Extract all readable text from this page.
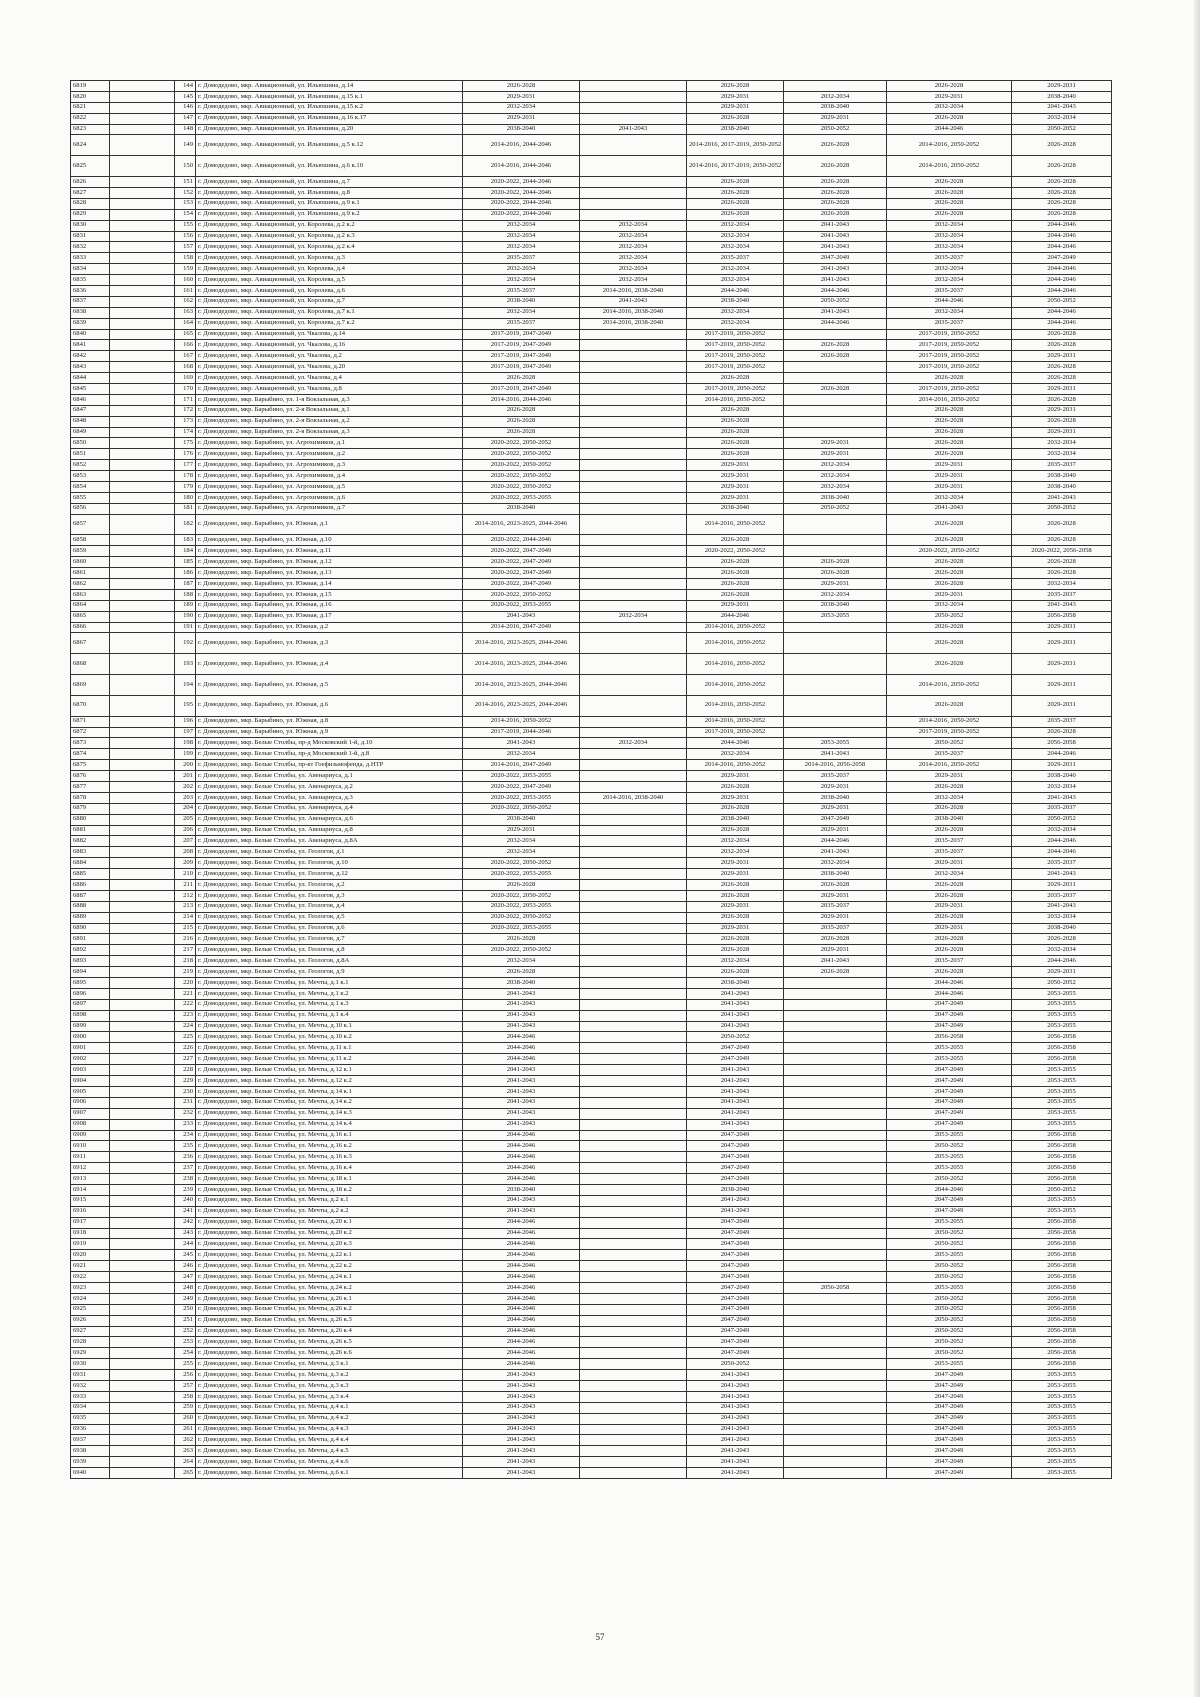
6819		144	г. Домодедово, мкр. Авиационный, ул. Ильюшина, д.14	2026-2028		2026-2028		2026-2028	2029-2031
6820		145	г. Домодедово, мкр. Авиационный, ул. Ильюшина, д.15 к.1	2029-2031		2029-2031	2032-2034	2029-2031	2038-2040
6821		146	г. Домодедово, мкр. Авиационный, ул. Ильюшина, д.15 к.2	2032-2034		2029-2031	2038-2040	2032-2034	2041-2043
6822		147	г. Домодедово, мкр. Авиационный, ул. Ильюшина, д.16 к.17	2029-2031		2026-2028	2029-2031	2026-2028	2032-2034
6823		148	г. Домодедово, мкр. Авиационный, ул. Ильюшина, д.20	2038-2040	2041-2043	2038-2040	2050-2052	2044-2046	2050-2052
6824		149	г. Домодедово, мкр. Авиационный, ул. Ильюшина, д.5 к.12	2014-2016, 2044-2046		2014-2016, 2017-2019, 2050-2052	2026-2028	2014-2016, 2050-2052	2026-2028
6825		150	г. Домодедово, мкр. Авиационный, ул. Ильюшина, д.6 к.10	2014-2016, 2044-2046		2014-2016, 2017-2019, 2050-2052	2026-2028	2014-2016, 2050-2052	2026-2028
6826		151	г. Домодедово, мкр. Авиационный, ул. Ильюшина, д.7	2020-2022, 2044-2046		2026-2028	2026-2028	2026-2028	2026-2028
6827		152	г. Домодедово, мкр. Авиационный, ул. Ильюшина, д.8	2020-2022, 2044-2046		2026-2028	2026-2028	2026-2028	2026-2028
6828		153	г. Домодедово, мкр. Авиационный, ул. Ильюшина, д.9 к.1	2020-2022, 2044-2046		2026-2028	2026-2028	2026-2028	2026-2028
6829		154	г. Домодедово, мкр. Авиационный, ул. Ильюшина, д.9 к.2	2020-2022, 2044-2046		2026-2028	2026-2028	2026-2028	2026-2028
6830		155	г. Домодедово, мкр. Авиационный, ул. Королева, д.2 к.2	2032-2034	2032-2034	2032-2034	2041-2043	2032-2034	2044-2046
6831		156	г. Домодедово, мкр. Авиационный, ул. Королева, д.2 к.3	2032-2034	2032-2034	2032-2034	2041-2043	2032-2034	2044-2046
6832		157	г. Домодедово, мкр. Авиационный, ул. Королева, д.2 к.4	2032-2034	2032-2034	2032-2034	2041-2043	2032-2034	2044-2046
6833		158	г. Домодедово, мкр. Авиационный, ул. Королева, д.3	2035-2037	2032-2034	2035-2037	2047-2049	2035-2037	2047-2049
6834		159	г. Домодедово, мкр. Авиационный, ул. Королева, д.4	2032-2034	2032-2034	2032-2034	2041-2043	2032-2034	2044-2046
6835		160	г. Домодедово, мкр. Авиационный, ул. Королева, д.5	2032-2034	2032-2034	2032-2034	2041-2043	2032-2034	2044-2046
6836		161	г. Домодедово, мкр. Авиационный, ул. Королева, д.6	2035-2037	2014-2016, 2038-2040	2044-2046	2044-2046	2035-2037	2044-2046
6837		162	г. Домодедово, мкр. Авиационный, ул. Королева, д.7	2038-2040	2041-2043	2038-2040	2050-2052	2044-2046	2050-2052
6838		163	г. Домодедово, мкр. Авиационный, ул. Королева, д.7 к.1	2032-2034	2014-2016, 2038-2040	2032-2034	2041-2043	2032-2034	2044-2046
6839		164	г. Домодедово, мкр. Авиационный, ул. Королева, д.7 к.2	2035-2037	2014-2016, 2038-2040	2032-2034	2044-2046	2035-2037	2044-2046
6840		165	г. Домодедово, мкр. Авиационный, ул. Чкалова, д.14	2017-2019, 2047-2049		2017-2019, 2050-2052		2017-2019, 2050-2052	2026-2028
6841		166	г. Домодедово, мкр. Авиационный, ул. Чкалова, д.16	2017-2019, 2047-2049		2017-2019, 2050-2052	2026-2028	2017-2019, 2050-2052	2026-2028
6842		167	г. Домодедово, мкр. Авиационный, ул. Чкалова, д.2	2017-2019, 2047-2049		2017-2019, 2050-2052	2026-2028	2017-2019, 2050-2052	2029-2031
6843		168	г. Домодедово, мкр. Авиационный, ул. Чкалова, д.20	2017-2019, 2047-2049		2017-2019, 2050-2052		2017-2019, 2050-2052	2026-2028
6844		169	г. Домодедово, мкр. Авиационный, ул. Чкалова, д.4	2026-2028		2026-2028		2026-2028	2026-2028
6845		170	г. Домодедово, мкр. Авиационный, ул. Чкалова, д.8	2017-2019, 2047-2049		2017-2019, 2050-2052	2026-2028	2017-2019, 2050-2052	2029-2031
6846		171	г. Домодедово, мкр. Барыбино, ул. 1-я Вокзальная, д.3	2014-2016, 2044-2046		2014-2016, 2050-2052		2014-2016, 2050-2052	2026-2028
6847		172	г. Домодедово, мкр. Барыбино, ул. 2-я Вокзальная, д.1	2026-2028		2026-2028		2026-2028	2029-2031
6848		173	г. Домодедово, мкр. Барыбино, ул. 2-я Вокзальная, д.2	2026-2028		2026-2028		2026-2028	2026-2028
6849		174	г. Домодедово, мкр. Барыбино, ул. 2-я Вокзальная, д.3	2026-2028		2026-2028		2026-2028	2029-2031
6850		175	г. Домодедово, мкр. Барыбино, ул. Агрохимиков, д.1	2020-2022, 2050-2052		2026-2028	2029-2031	2026-2028	2032-2034
6851		176	г. Домодедово, мкр. Барыбино, ул. Агрохимиков, д.2	2020-2022, 2050-2052		2026-2028	2029-2031	2026-2028	2032-2034
6852		177	г. Домодедово, мкр. Барыбино, ул. Агрохимиков, д.3	2020-2022, 2050-2052		2029-2031	2032-2034	2029-2031	2035-2037
6853		178	г. Домодедово, мкр. Барыбино, ул. Агрохимиков, д.4	2020-2022, 2050-2052		2029-2031	2032-2034	2029-2031	2038-2040
6854		179	г. Домодедово, мкр. Барыбино, ул. Агрохимиков, д.5	2020-2022, 2050-2052		2029-2031	2032-2034	2029-2031	2038-2040
6855		180	г. Домодедово, мкр. Барыбино, ул. Агрохимиков, д.6	2020-2022, 2053-2055		2029-2031	2038-2040	2032-2034	2041-2043
6856		181	г. Домодедово, мкр. Барыбино, ул. Агрохимиков, д.7	2038-2040		2038-2040	2050-2052	2041-2043	2050-2052
6857		182	г. Домодедово, мкр. Барыбино, ул. Южная, д.1	2014-2016, 2023-2025, 2044-2046		2014-2016, 2050-2052		2026-2028	2026-2028
6858		183	г. Домодедово, мкр. Барыбино, ул. Южная, д.10	2020-2022, 2044-2046		2026-2028		2026-2028	2026-2028
6859		184	г. Домодедово, мкр. Барыбино, ул. Южная, д.11	2020-2022, 2047-2049		2020-2022, 2050-2052		2020-2022, 2050-2052	2020-2022, 2056-2058
6860		185	г. Домодедово, мкр. Барыбино, ул. Южная, д.12	2020-2022, 2047-2049		2026-2028	2026-2028	2026-2028	2026-2028
6861		186	г. Домодедово, мкр. Барыбино, ул. Южная, д.13	2020-2022, 2047-2049		2026-2028	2026-2028	2026-2028	2026-2028
6862		187	г. Домодедово, мкр. Барыбино, ул. Южная, д.14	2020-2022, 2047-2049		2026-2028	2029-2031	2026-2028	2032-2034
6863		188	г. Домодедово, мкр. Барыбино, ул. Южная, д.15	2020-2022, 2050-2052		2026-2028	2032-2034	2029-2031	2035-2037
6864		189	г. Домодедово, мкр. Барыбино, ул. Южная, д.16	2020-2022, 2053-2055		2029-2031	2038-2040	2032-2034	2041-2043
6865		190	г. Домодедово, мкр. Барыбино, ул. Южная, д.17	2041-2043	2032-2034	2044-2046	2053-2055	2050-2052	2056-2058
6866		191	г. Домодедово, мкр. Барыбино, ул. Южная, д.2	2014-2016, 2047-2049		2014-2016, 2050-2052		2026-2028	2029-2031
6867		192	г. Домодедово, мкр. Барыбино, ул. Южная, д.3	2014-2016, 2023-2025, 2044-2046		2014-2016, 2050-2052		2026-2028	2029-2031
6868		193	г. Домодедово, мкр. Барыбино, ул. Южная, д.4	2014-2016, 2023-2025, 2044-2046		2014-2016, 2050-2052		2026-2028	2029-2031
6869		194	г. Домодедово, мкр. Барыбино, ул. Южная, д.5	2014-2016, 2023-2025, 2044-2046		2014-2016, 2050-2052		2014-2016, 2050-2052	2029-2031
6870		195	г. Домодедово, мкр. Барыбино, ул. Южная, д.6	2014-2016, 2023-2025, 2044-2046		2014-2016, 2050-2052		2026-2028	2029-2031
6871		196	г. Домодедово, мкр. Барыбино, ул. Южная, д.8	2014-2016, 2050-2052		2014-2016, 2050-2052		2014-2016, 2050-2052	2035-2037
6872		197	г. Домодедово, мкр. Барыбино, ул. Южная, д.9	2017-2019, 2044-2046		2017-2019, 2050-2052		2017-2019, 2050-2052	2026-2028
6873		198	г. Домодедово, мкр. Белые Столбы, пр-д Московский 1-й, д.10	2041-2043	2032-2034	2044-2046	2053-2055	2050-2052	2056-2058
6874		199	г. Домодедово, мкр. Белые Столбы, пр-д Московский 1-й, д.8	2032-2034		2032-2034	2041-2043	2035-2037	2044-2046
6875		200	г. Домодедово, мкр. Белые Столбы, пр-кт Гоефизьмофенда, д.НТР	2014-2016, 2047-2049		2014-2016, 2050-2052	2014-2016, 2056-2058	2014-2016, 2050-2052	2029-2031
6876		201	г. Домодедово, мкр. Белые Столбы, ул. Авенариуса, д.1	2020-2022, 2053-2055		2029-2031	2035-2037	2029-2031	2038-2040
6877		202	г. Домодедово, мкр. Белые Столбы, ул. Авенариуса, д.2	2020-2022, 2047-2049		2026-2028	2029-2031	2026-2028	2032-2034
6878		203	г. Домодедово, мкр. Белые Столбы, ул. Авенариуса, д.3	2020-2022, 2053-2055	2014-2016, 2038-2040	2029-2031	2038-2040	2032-2034	2041-2043
6879		204	г. Домодедово, мкр. Белые Столбы, ул. Авенариуса, д.4	2020-2022, 2050-2052		2026-2028	2029-2031	2026-2028	2035-2037
6880		205	г. Домодедово, мкр. Белые Столбы, ул. Авенариуса, д.6	2038-2040		2038-2040	2047-2049	2038-2040	2050-2052
6881		206	г. Домодедово, мкр. Белые Столбы, ул. Авенариуса, д.8	2029-2031		2026-2028	2029-2031	2026-2028	2032-2034
6882		207	г. Домодедово, мкр. Белые Столбы, ул. Авенариуса, д.8А	2032-2034		2032-2034	2044-2046	2035-2037	2044-2046
6883		208	г. Домодедово, мкр. Белые Столбы, ул. Геологов, д.1	2032-2034		2032-2034	2041-2043	2035-2037	2044-2046
6884		209	г. Домодедово, мкр. Белые Столбы, ул. Геологов, д.10	2020-2022, 2050-2052		2029-2031	2032-2034	2029-2031	2035-2037
6885		210	г. Домодедово, мкр. Белые Столбы, ул. Геологов, д.12	2020-2022, 2053-2055		2029-2031	2038-2040	2032-2034	2041-2043
6886		211	г. Домодедово, мкр. Белые Столбы, ул. Геологов, д.2	2026-2028		2026-2028	2026-2028	2026-2028	2029-2031
6887		212	г. Домодедово, мкр. Белые Столбы, ул. Геологов, д.3	2020-2022, 2050-2052		2026-2028	2029-2031	2026-2028	2035-2037
6888		213	г. Домодедово, мкр. Белые Столбы, ул. Геологов, д.4	2020-2022, 2053-2055		2029-2031	2035-2037	2029-2031	2041-2043
6889		214	г. Домодедово, мкр. Белые Столбы, ул. Геологов, д.5	2020-2022, 2050-2052		2026-2028	2029-2031	2026-2028	2032-2034
6890		215	г. Домодедово, мкр. Белые Столбы, ул. Геологов, д.6	2020-2022, 2053-2055		2029-2031	2035-2037	2029-2031	2038-2040
6891		216	г. Домодедово, мкр. Белые Столбы, ул. Геологов, д.7	2026-2028		2026-2028	2026-2028	2026-2028	2026-2028
6892		217	г. Домодедово, мкр. Белые Столбы, ул. Геологов, д.8	2020-2022, 2050-2052		2026-2028	2029-2031	2026-2028	2032-2034
6893		218	г. Домодедово, мкр. Белые Столбы, ул. Геологов, д.8А	2032-2034		2032-2034	2041-2043	2035-2037	2044-2046
6894		219	г. Домодедово, мкр. Белые Столбы, ул. Геологов, д.9	2026-2028		2026-2028	2026-2028	2026-2028	2029-2031
6895		220	г. Домодедово, мкр. Белые Столбы, ул. Мечты, д.1 к.1	2038-2040		2038-2040		2044-2046	2050-2052
6896		221	г. Домодедово, мкр. Белые Столбы, ул. Мечты, д.1 к.2	2041-2043		2041-2043		2044-2046	2053-2055
6897		222	г. Домодедово, мкр. Белые Столбы, ул. Мечты, д.1 к.3	2041-2043		2041-2043		2047-2049	2053-2055
6898		223	г. Домодедово, мкр. Белые Столбы, ул. Мечты, д.1 к.4	2041-2043		2041-2043		2047-2049	2053-2055
6899		224	г. Домодедово, мкр. Белые Столбы, ул. Мечты, д.10 к.1	2041-2043		2041-2043		2047-2049	2053-2055
6900		225	г. Домодедово, мкр. Белые Столбы, ул. Мечты, д.10 к.2	2044-2046		2050-2052		2056-2058	2056-2058
6901		226	г. Домодедово, мкр. Белые Столбы, ул. Мечты, д.11 к.1	2044-2046		2047-2049		2053-2055	2056-2058
6902		227	г. Домодедово, мкр. Белые Столбы, ул. Мечты, д.11 к.2	2044-2046		2047-2049		2053-2055	2056-2058
6903		228	г. Домодедово, мкр. Белые Столбы, ул. Мечты, д.12 к.1	2041-2043		2041-2043		2047-2049	2053-2055
6904		229	г. Домодедово, мкр. Белые Столбы, ул. Мечты, д.12 к.2	2041-2043		2041-2043		2047-2049	2053-2055
6905		230	г. Домодедово, мкр. Белые Столбы, ул. Мечты, д.14 к.1	2041-2043		2041-2043		2047-2049	2053-2055
6906		231	г. Домодедово, мкр. Белые Столбы, ул. Мечты, д.14 к.2	2041-2043		2041-2043		2047-2049	2053-2055
6907		232	г. Домодедово, мкр. Белые Столбы, ул. Мечты, д.14 к.3	2041-2043		2041-2043		2047-2049	2053-2055
6908		233	г. Домодедово, мкр. Белые Столбы, ул. Мечты, д.14 к.4	2041-2043		2041-2043		2047-2049	2053-2055
6909		234	г. Домодедово, мкр. Белые Столбы, ул. Мечты, д.16 к.1	2044-2046		2047-2049		2053-2055	2056-2058
6910		235	г. Домодедово, мкр. Белые Столбы, ул. Мечты, д.16 к.2	2044-2046		2047-2049		2050-2052	2056-2058
6911		236	г. Домодедово, мкр. Белые Столбы, ул. Мечты, д.16 к.3	2044-2046		2047-2049		2053-2055	2056-2058
6912		237	г. Домодедово, мкр. Белые Столбы, ул. Мечты, д.16 к.4	2044-2046		2047-2049		2053-2055	2056-2058
6913		238	г. Домодедово, мкр. Белые Столбы, ул. Мечты, д.18 к.1	2044-2046		2047-2049		2050-2052	2056-2058
6914		239	г. Домодедово, мкр. Белые Столбы, ул. Мечты, д.18 к.2	2038-2040		2038-2040		2044-2046	2050-2052
6915		240	г. Домодедово, мкр. Белые Столбы, ул. Мечты, д.2 к.1	2041-2043		2041-2043		2047-2049	2053-2055
6916		241	г. Домодедово, мкр. Белые Столбы, ул. Мечты, д.2 к.2	2041-2043		2041-2043		2047-2049	2053-2055
6917		242	г. Домодедово, мкр. Белые Столбы, ул. Мечты, д.20 к.1	2044-2046		2047-2049		2053-2055	2056-2058
6918		243	г. Домодедово, мкр. Белые Столбы, ул. Мечты, д.20 к.2	2044-2046		2047-2049		2050-2052	2056-2058
6919		244	г. Домодедово, мкр. Белые Столбы, ул. Мечты, д.20 к.3	2044-2046		2047-2049		2050-2052	2056-2058
6920		245	г. Домодедово, мкр. Белые Столбы, ул. Мечты, д.22 к.1	2044-2046		2047-2049		2053-2055	2056-2058
6921		246	г. Домодедово, мкр. Белые Столбы, ул. Мечты, д.22 к.2	2044-2046		2047-2049		2050-2052	2056-2058
6922		247	г. Домодедово, мкр. Белые Столбы, ул. Мечты, д.24 к.1	2044-2046		2047-2049		2050-2052	2056-2058
6923		248	г. Домодедово, мкр. Белые Столбы, ул. Мечты, д.24 к.2	2044-2046		2047-2049	2056-2058	2053-2055	2056-2058
6924		249	г. Домодедово, мкр. Белые Столбы, ул. Мечты, д.26 к.1	2044-2046		2047-2049		2050-2052	2056-2058
6925		250	г. Домодедово, мкр. Белые Столбы, ул. Мечты, д.26 к.2	2044-2046		2047-2049		2050-2052	2056-2058
6926		251	г. Домодедово, мкр. Белые Столбы, ул. Мечты, д.26 к.3	2044-2046		2047-2049		2050-2052	2056-2058
6927		252	г. Домодедово, мкр. Белые Столбы, ул. Мечты, д.26 к.4	2044-2046		2047-2049		2050-2052	2056-2058
6928		253	г. Домодедово, мкр. Белые Столбы, ул. Мечты, д.26 к.5	2044-2046		2047-2049		2050-2052	2056-2058
6929		254	г. Домодедово, мкр. Белые Столбы, ул. Мечты, д.26 к.6	2044-2046		2047-2049		2050-2052	2056-2058
6930		255	г. Домодедово, мкр. Белые Столбы, ул. Мечты, д.3 к.1	2044-2046		2050-2052		2053-2055	2056-2058
6931		256	г. Домодедово, мкр. Белые Столбы, ул. Мечты, д.3 к.2	2041-2043		2041-2043		2047-2049	2053-2055
6932		257	г. Домодедово, мкр. Белые Столбы, ул. Мечты, д.3 к.3	2041-2043		2041-2043		2047-2049	2053-2055
6933		258	г. Домодедово, мкр. Белые Столбы, ул. Мечты, д.3 к.4	2041-2043		2041-2043		2047-2049	2053-2055
6934		259	г. Домодедово, мкр. Белые Столбы, ул. Мечты, д.4 к.1	2041-2043		2041-2043		2047-2049	2053-2055
6935		260	г. Домодедово, мкр. Белые Столбы, ул. Мечты, д.4 к.2	2041-2043		2041-2043		2047-2049	2053-2055
6936		261	г. Домодедово, мкр. Белые Столбы, ул. Мечты, д.4 к.3	2041-2043		2041-2043		2047-2049	2053-2055
6937		262	г. Домодедово, мкр. Белые Столбы, ул. Мечты, д.4 к.4	2041-2043		2041-2043		2047-2049	2053-2055
6938		263	г. Домодедово, мкр. Белые Столбы, ул. Мечты, д.4 к.5	2041-2043		2041-2043		2047-2049	2053-2055
6939		264	г. Домодедово, мкр. Белые Столбы, ул. Мечты, д.4 к.6	2041-2043		2041-2043		2047-2049	2053-2055
6940		265	г. Домодедово, мкр. Белые Столбы, ул. Мечты, д.6 к.1	2041-2043		2041-2043		2047-2049	2053-2055
57
